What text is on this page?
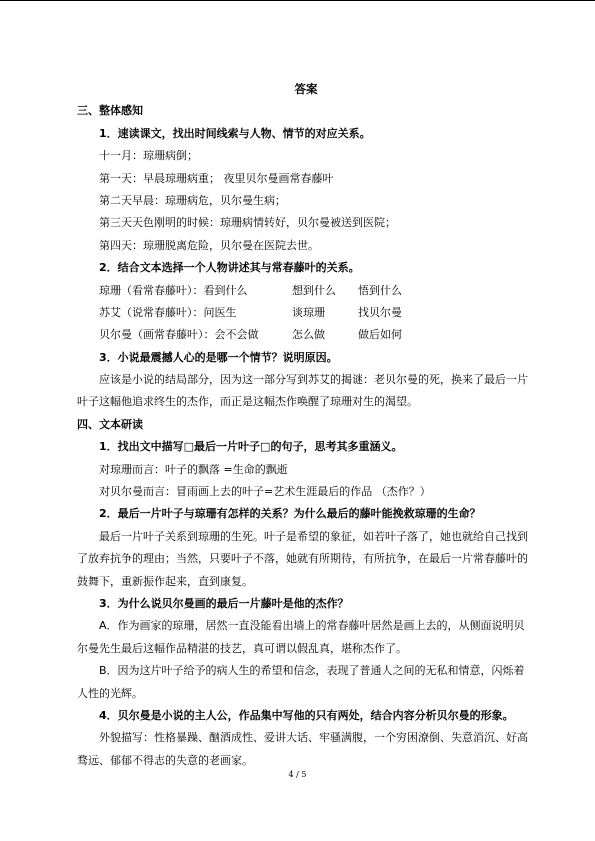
答案

三、整体感知

1．速读课文，找出时间线索与人物、情节的对应关系。

十一月：琼珊病倒；

第一天：早晨琼珊病重； 夜里贝尔曼画常春藤叶

第二天早晨：琼珊病危，贝尔曼生病；

第三天天色刚明的时候：琼珊病情转好，贝尔曼被送到医院；

第四天：琼珊脱离危险，贝尔曼在医院去世。

2．结合文本选择一个人物讲述其与常春藤叶的关系。

琼珊（看常春藤叶）：看到什么	想到什么 悟到什么

苏艾（说常春藤叶）：问医生	谈琼珊	找贝尔曼

贝尔曼（画常春藤叶）：会不会做	怎么做	做后如何

3．小说最震撼人心的是哪一个情节？说明原因。

应该是小说的结局部分，因为这一部分写到苏艾的揭谜：老贝尔曼的死，换来了最后一片叶子这幅他追求终生的杰作，而正是这幅杰作唤醒了琼珊对生的渴望。

四、文本研读

1．找出文中描写□最后一片叶子□的句子，思考其多重涵义。

对琼珊而言：叶子的飘落 =生命的飘逝

对贝尔曼而言：冒雨画上去的叶子=艺术生涯最后的作品 （杰作？）

2．最后一片叶子与琼珊有怎样的关系？为什么最后的藤叶能挽救琼珊的生命？

最后一片叶子关系到琼珊的生死。叶子是希望的象征，如若叶子落了，她也就给自己找到了放弃抗争的理由；当然，只要叶子不落，她就有所期待，有所抗争，在最后一片常春藤叶的鼓舞下，重新振作起来，直到康复。

3．为什么说贝尔曼画的最后一片藤叶是他的杰作？

A．作为画家的琼珊，居然一直没能看出墙上的常春藤叶居然是画上去的，从侧面说明贝尔曼先生最后这幅作品精湛的技艺，真可谓以假乱真，堪称杰作了。

B．因为这片叶子给予的病人生的希望和信念，表现了普通人之间的无私和情意，闪烁着人性的光辉。

4．贝尔曼是小说的主人公，作品集中写他的只有两处，结合内容分析贝尔曼的形象。

外貌描写：性格暴躁、酗酒成性、爱讲大话、牢骚满腹，一个穷困潦倒、失意消沉、好高骛远、郁郁不得志的失意的老画家。

4 / 5
